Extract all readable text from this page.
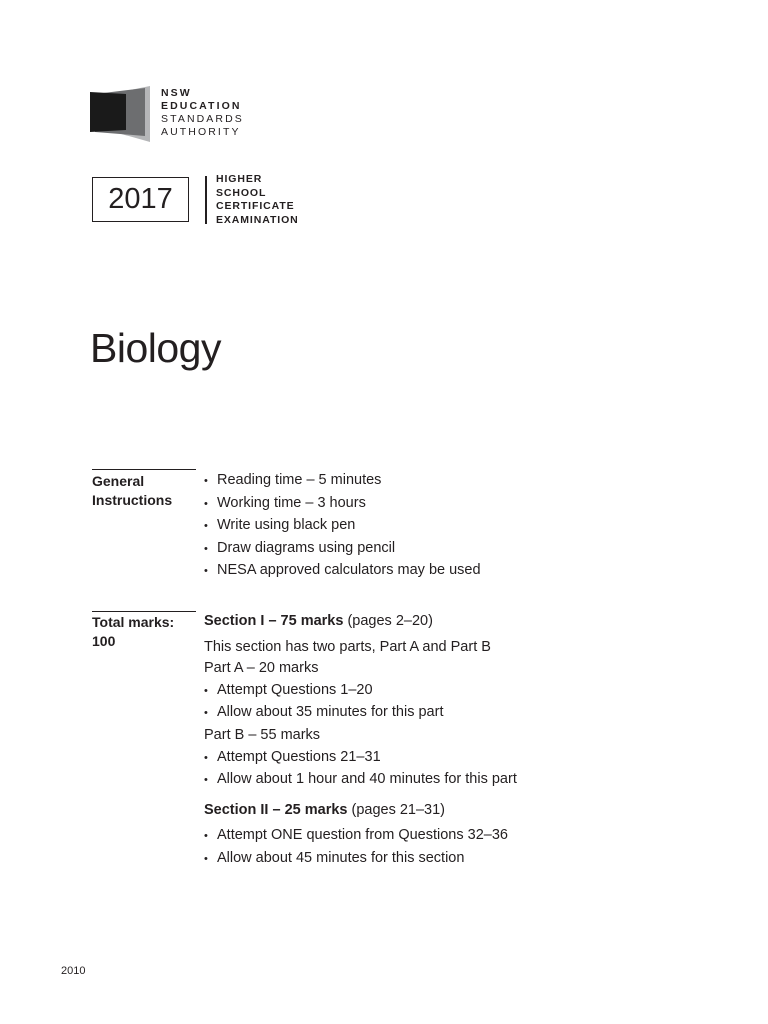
NSW
EDUCATION
STANDARDS
AUTHORITY
2017
HIGHER
SCHOOL
CERTIFICATE
EXAMINATION
Biology
General
Instructions
• Reading time – 5 minutes
• Working time – 3 hours
• Write using black pen
• Draw diagrams using pencil
• NESA approved calculators may be used
Total marks:
100
Section I – 75 marks (pages 2–20)
This section has two parts, Part A and Part B
Part A – 20 marks
• Attempt Questions 1–20
• Allow about 35 minutes for this part
Part B – 55 marks
• Attempt Questions 21–31
• Allow about 1 hour and 40 minutes for this part
Section II – 25 marks (pages 21–31)
• Attempt ONE question from Questions 32–36
• Allow about 45 minutes for this section
2010
